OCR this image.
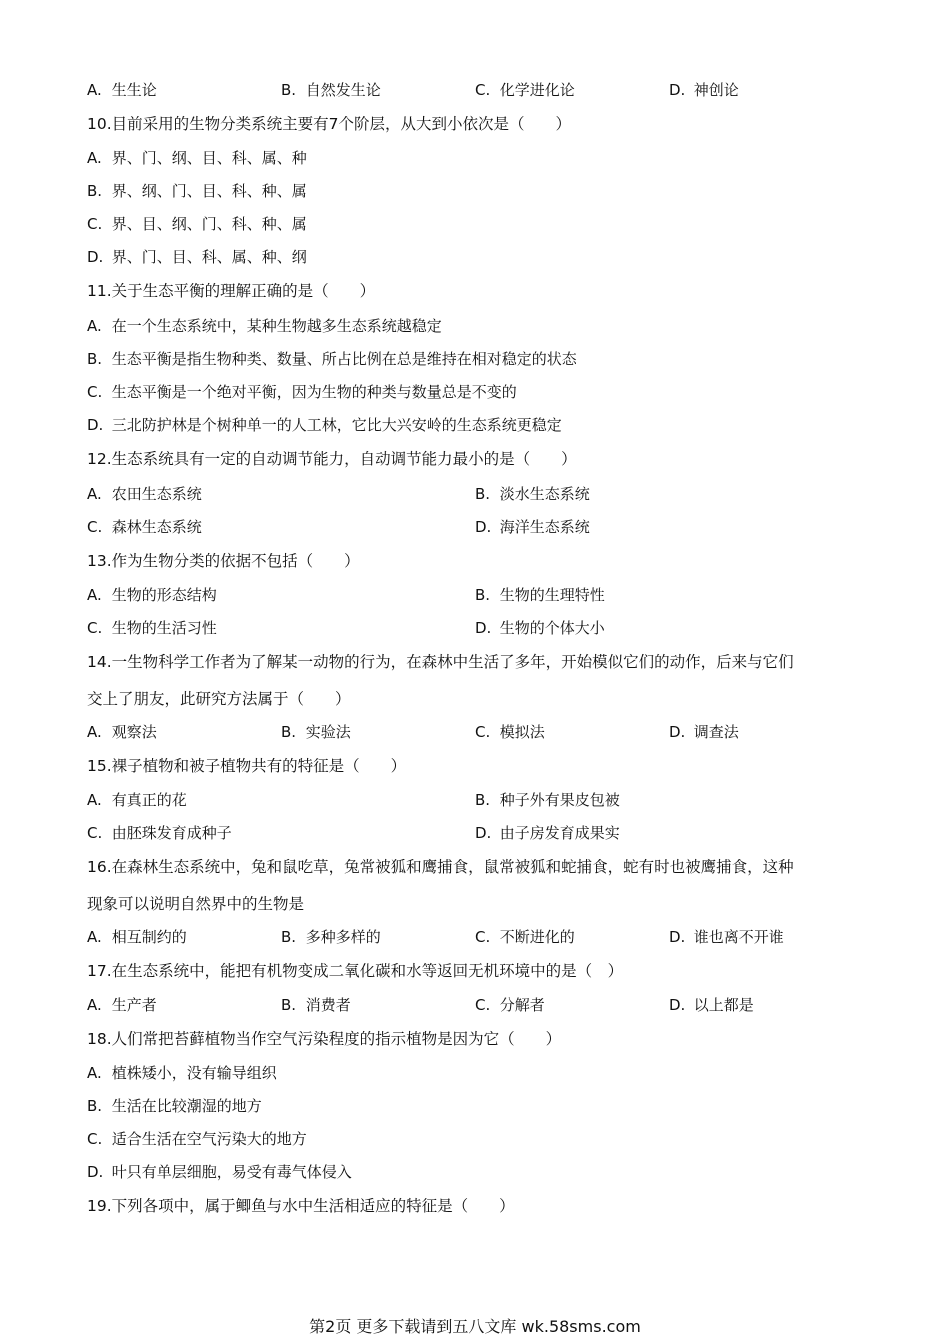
A. 生生论	B. 自然发生论	C. 化学进化论	D. 神创论
10.目前采用的生物分类系统主要有7个阶层，从大到小依次是（　　）
A. 界、门、纲、目、科、属、种
B. 界、纲、门、目、科、种、属
C. 界、目、纲、门、科、种、属
D. 界、门、目、科、属、种、纲
11.关于生态平衡的理解正确的是（　　）
A. 在一个生态系统中，某种生物越多生态系统越稳定
B. 生态平衡是指生物种类、数量、所占比例在总是维持在相对稳定的状态
C. 生态平衡是一个绝对平衡，因为生物的种类与数量总是不变的
D. 三北防护林是个树种单一的人工林，它比大兴安岭的生态系统更稳定
12.生态系统具有一定的自动调节能力，自动调节能力最小的是（　　）
A. 农田生态系统	B. 淡水生态系统
C. 森林生态系统	D. 海洋生态系统
13.作为生物分类的依据不包括（　　）
A. 生物的形态结构	B. 生物的生理特性
C. 生物的生活习性	D. 生物的个体大小
14.一生物科学工作者为了解某一动物的行为，在森林中生活了多年，开始模似它们的动作，后来与它们
交上了朋友，此研究方法属于（　　）
A. 观察法	B. 实验法	C. 模拟法	D. 调查法
15.裸子植物和被子植物共有的特征是（　　）
A. 有真正的花	B. 种子外有果皮包被
C. 由胚珠发育成种子	D. 由子房发育成果实
16.在森林生态系统中，兔和鼠吃草，兔常被狐和鹰捕食，鼠常被狐和蛇捕食，蛇有时也被鹰捕食，这种
现象可以说明自然界中的生物是
A. 相互制约的	B. 多种多样的	C. 不断进化的	D. 谁也离不开谁
17.在生态系统中，能把有机物变成二氧化碳和水等返回无机环境中的是（　）
A. 生产者	B. 消费者	C. 分解者	D. 以上都是
18.人们常把苔藓植物当作空气污染程度的指示植物是因为它（　　）
A. 植株矮小，没有输导组织
B. 生活在比较潮湿的地方
C. 适合生活在空气污染大的地方
D. 叶只有单层细胞，易受有毒气体侵入
19.下列各项中，属于鲫鱼与水中生活相适应的特征是（　　）
第2页 更多下载请到五八文库 wk.58sms.com
